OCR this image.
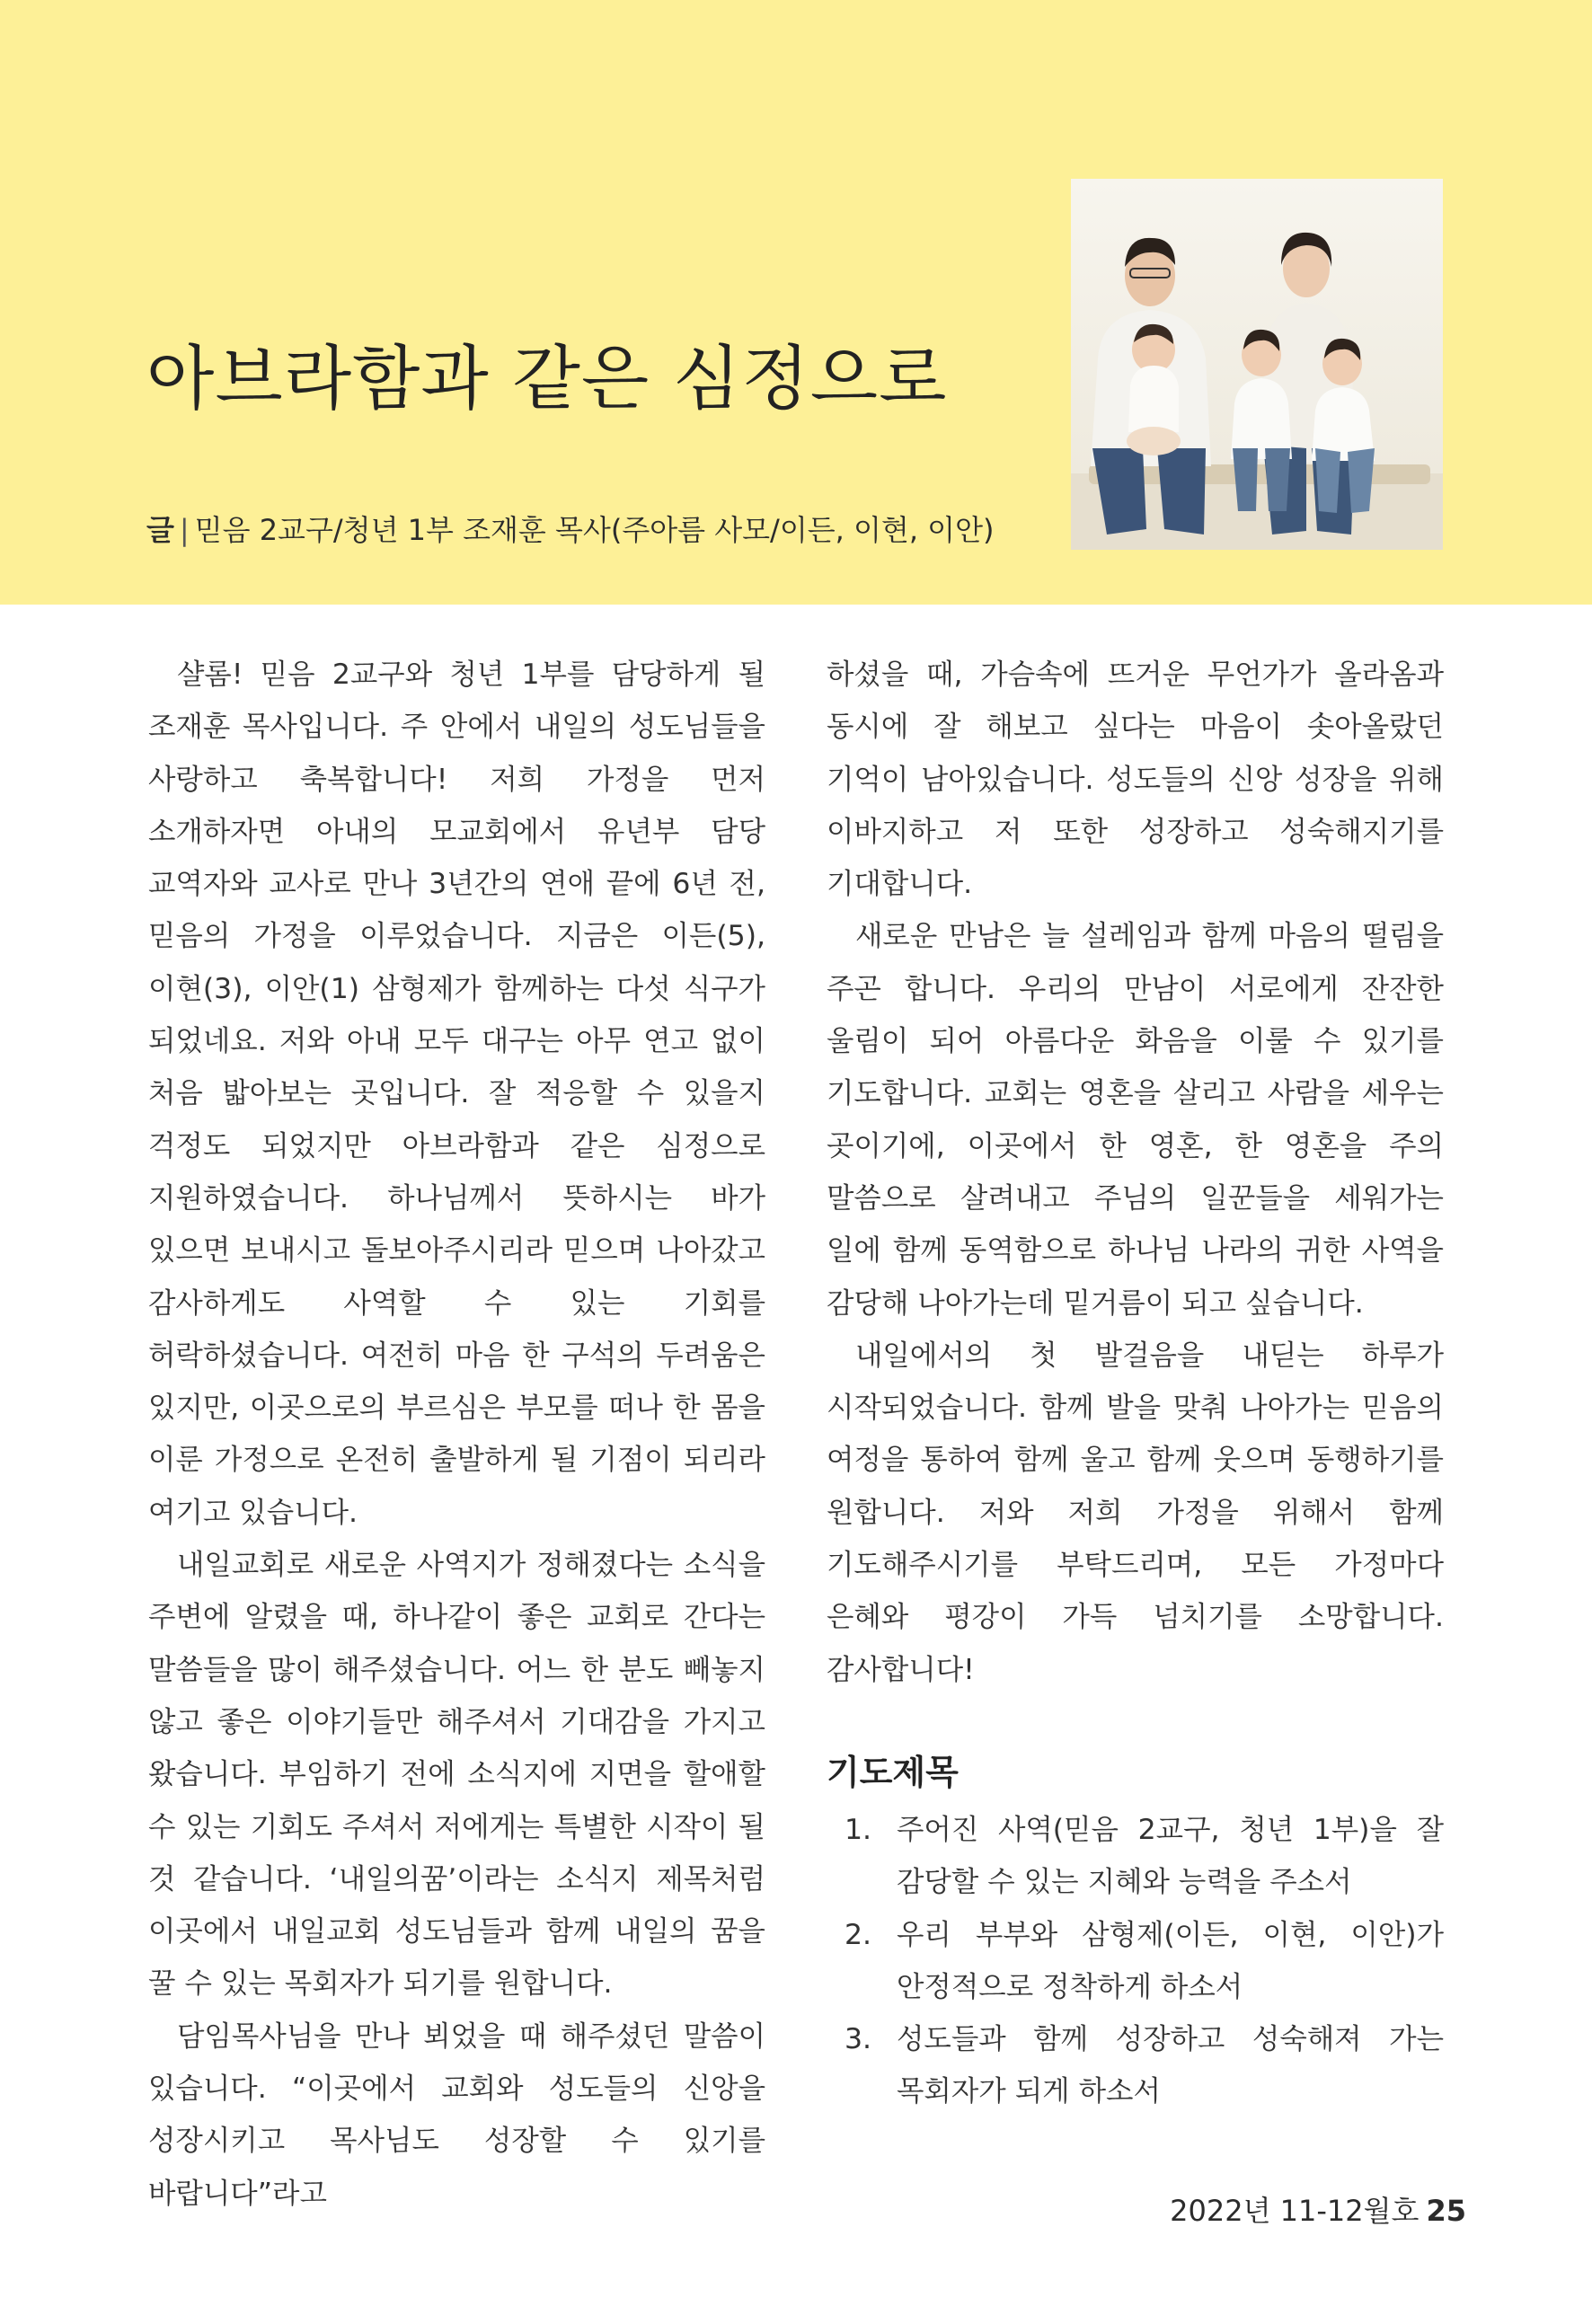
아브라함과 같은 심정으로
글 | 믿음 2교구/청년 1부 조재훈 목사(주아름 사모/이든, 이현, 이안)

샬롬! 믿음 2교구와 청년 1부를 담당하게 될 조재훈 목사입니다. 주 안에서 내일의 성도님들을 사랑하고 축복합니다! 저희 가정을 먼저 소개하자면 아내의 모교회에서 유년부 담당 교역자와 교사로 만나 3년간의 연애 끝에 6년 전, 믿음의 가정을 이루었습니다. 지금은 이든(5), 이현(3), 이안(1) 삼형제가 함께하는 다섯 식구가 되었네요. 저와 아내 모두 대구는 아무 연고 없이 처음 밟아보는 곳입니다. 잘 적응할 수 있을지 걱정도 되었지만 아브라함과 같은 심정으로 지원하였습니다. 하나님께서 뜻하시는 바가 있으면 보내시고 돌보아주시리라 믿으며 나아갔고 감사하게도 사역할 수 있는 기회를 허락하셨습니다. 여전히 마음 한 구석의 두려움은 있지만, 이곳으로의 부르심은 부모를 떠나 한 몸을 이룬 가정으로 온전히 출발하게 될 기점이 되리라 여기고 있습니다.

내일교회로 새로운 사역지가 정해졌다는 소식을 주변에 알렸을 때, 하나같이 좋은 교회로 간다는 말씀들을 많이 해주셨습니다. 어느 한 분도 빼놓지 않고 좋은 이야기들만 해주셔서 기대감을 가지고 왔습니다. 부임하기 전에 소식지에 지면을 할애할 수 있는 기회도 주셔서 저에게는 특별한 시작이 될 것 같습니다. ‘내일의꿈’이라는 소식지 제목처럼 이곳에서 내일교회 성도님들과 함께 내일의 꿈을 꿀 수 있는 목회자가 되기를 원합니다.

담임목사님을 만나 뵈었을 때 해주셨던 말씀이 있습니다. “이곳에서 교회와 성도들의 신앙을 성장시키고 목사님도 성장할 수 있기를 바랍니다”라고

하셨을 때, 가슴속에 뜨거운 무언가가 올라옴과 동시에 잘 해보고 싶다는 마음이 솟아올랐던 기억이 남아있습니다. 성도들의 신앙 성장을 위해 이바지하고 저 또한 성장하고 성숙해지기를 기대합니다.

새로운 만남은 늘 설레임과 함께 마음의 떨림을 주곤 합니다. 우리의 만남이 서로에게 잔잔한 울림이 되어 아름다운 화음을 이룰 수 있기를 기도합니다. 교회는 영혼을 살리고 사람을 세우는 곳이기에, 이곳에서 한 영혼, 한 영혼을 주의 말씀으로 살려내고 주님의 일꾼들을 세워가는 일에 함께 동역함으로 하나님 나라의 귀한 사역을 감당해 나아가는데 밑거름이 되고 싶습니다.

내일에서의 첫 발걸음을 내딛는 하루가 시작되었습니다. 함께 발을 맞춰 나아가는 믿음의 여정을 통하여 함께 울고 함께 웃으며 동행하기를 원합니다. 저와 저희 가정을 위해서 함께 기도해주시기를 부탁드리며, 모든 가정마다 은혜와 평강이 가득 넘치기를 소망합니다. 감사합니다!

기도제목
1. 주어진 사역(믿음 2교구, 청년 1부)을 잘 감당할 수 있는 지혜와 능력을 주소서
2. 우리 부부와 삼형제(이든, 이현, 이안)가 안정적으로 정착하게 하소서
3. 성도들과 함께 성장하고 성숙해져 가는 목회자가 되게 하소서
2022년 11-12월호 25
